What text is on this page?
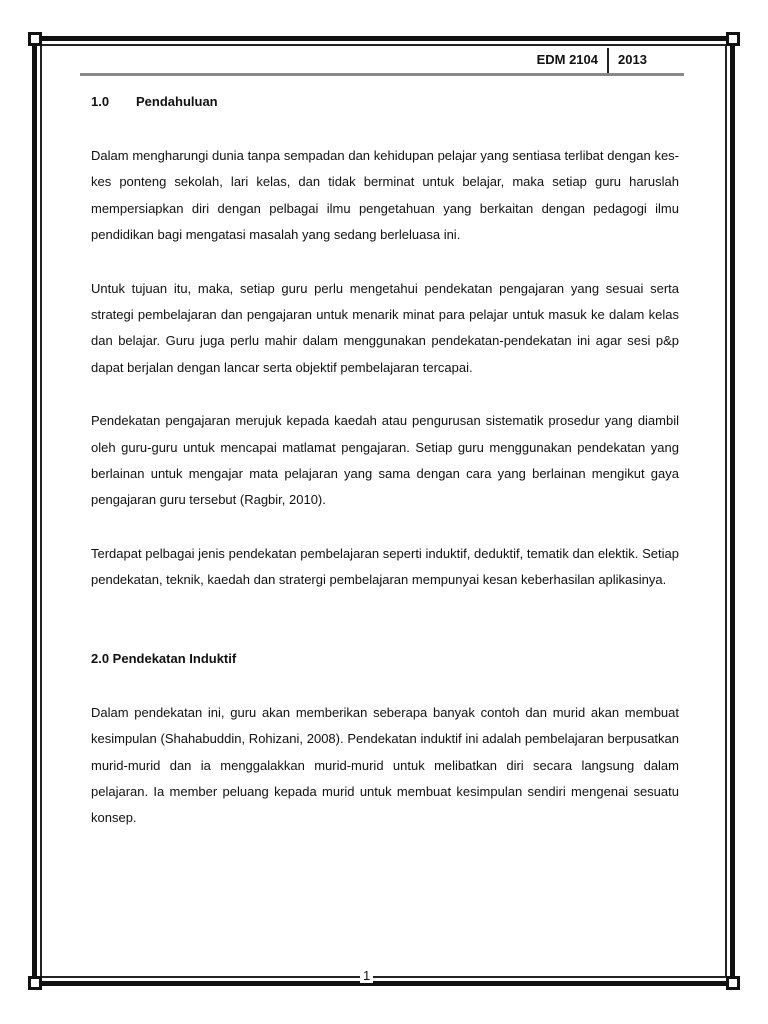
EDM 2104	2013
1.0 Pendahuluan

Dalam mengharungi dunia tanpa sempadan dan kehidupan pelajar yang sentiasa terlibat dengan kes-kes ponteng sekolah, lari kelas, dan tidak berminat untuk belajar, maka setiap guru haruslah mempersiapkan diri dengan pelbagai ilmu pengetahuan yang berkaitan dengan pedagogi ilmu pendidikan bagi mengatasi masalah yang sedang berleluasa ini.

Untuk tujuan itu, maka, setiap guru perlu mengetahui pendekatan pengajaran yang sesuai serta strategi pembelajaran dan pengajaran untuk menarik minat para pelajar untuk masuk ke dalam kelas dan belajar. Guru juga perlu mahir dalam menggunakan pendekatan-pendekatan ini agar sesi p&p dapat berjalan dengan lancar serta objektif pembelajaran tercapai.

Pendekatan pengajaran merujuk kepada kaedah atau pengurusan sistematik prosedur yang diambil oleh guru-guru untuk mencapai matlamat pengajaran. Setiap guru menggunakan pendekatan yang berlainan untuk mengajar mata pelajaran yang sama dengan cara yang berlainan mengikut gaya pengajaran guru tersebut (Ragbir, 2010).

Terdapat pelbagai jenis pendekatan pembelajaran seperti induktif, deduktif, tematik dan elektik. Setiap pendekatan, teknik, kaedah dan stratergi pembelajaran mempunyai kesan keberhasilan aplikasinya.

2.0 Pendekatan Induktif

Dalam pendekatan ini, guru akan memberikan seberapa banyak contoh dan murid akan membuat kesimpulan (Shahabuddin, Rohizani, 2008). Pendekatan induktif ini adalah pembelajaran berpusatkan murid-murid dan ia menggalakkan murid-murid untuk melibatkan diri secara langsung dalam pelajaran. Ia member peluang kepada murid untuk membuat kesimpulan sendiri mengenai sesuatu konsep.

1
